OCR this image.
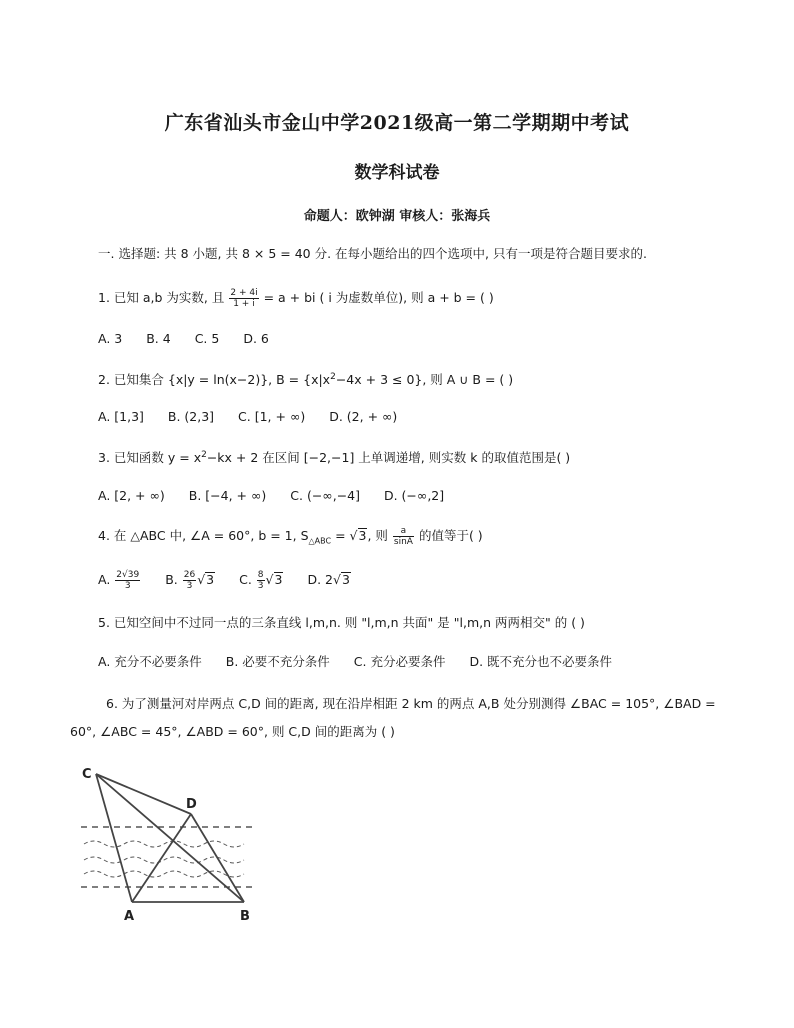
广东省汕头市金山中学2021级高一第二学期期中考试
数学科试卷
命题人：欧钟湖 审核人：张海兵
一. 选择题: 共 8 小题, 共 8 × 5 = 40 分. 在每小题给出的四个选项中, 只有一项是符合题目要求的.
1. 已知 a,b 为实数, 且 $\frac{2 + 4i}{1 + i} = a$ + bi ( i 为虚数单位), 则 a + b = ( )
A. 3 B. 4 C. 5 D. 6
2. 已知集合 {x|y = ln(x−2)}, $B = \{x|x^2-4x + 3 \le 0\}$, 则 A ∪ B = ( )
A. [1,3] B. (2,3] C. [1, + ∞) D. (2, + ∞)
3. 已知函数 $y = x^2-kx + 2$ 在区间 [−2,−1] 上单调递增, 则实数 k 的取值范围是( )
A. [2, + ∞) B. [−4, + ∞) C. (−∞,−4] D. (−∞,2]
4. 在 △ABC 中, ∠A = 60°, b = 1, $S_{\triangle ABC} = √3$, 则 $\frac{a}{\sin A}$ 的值等于( )
A. $\frac{2√39}{3} B$. $\frac{26}{3} √3$ C. $\frac{8}{3} √3$ D. 2√3
5. 已知空间中不过同一点的三条直线 l,m,n. 则 "l,m,n 共面" 是 "l,m,n 两两相交" 的 ( )
A. 充分不必要条件 B. 必要不充分条件 C. 充分必要条件 D. 既不充分也不必要条件
6. 为了测量河对岸两点 C,D 间的距离, 现在沿岸相距 2 km 的两点 A,B 处分别测得 ∠BAC = 105°, ∠BAD =
60°, ∠ABC = 45°, ∠ABD = 60°, 则 C,D 间的距离为 ( )
C
D
A	B
